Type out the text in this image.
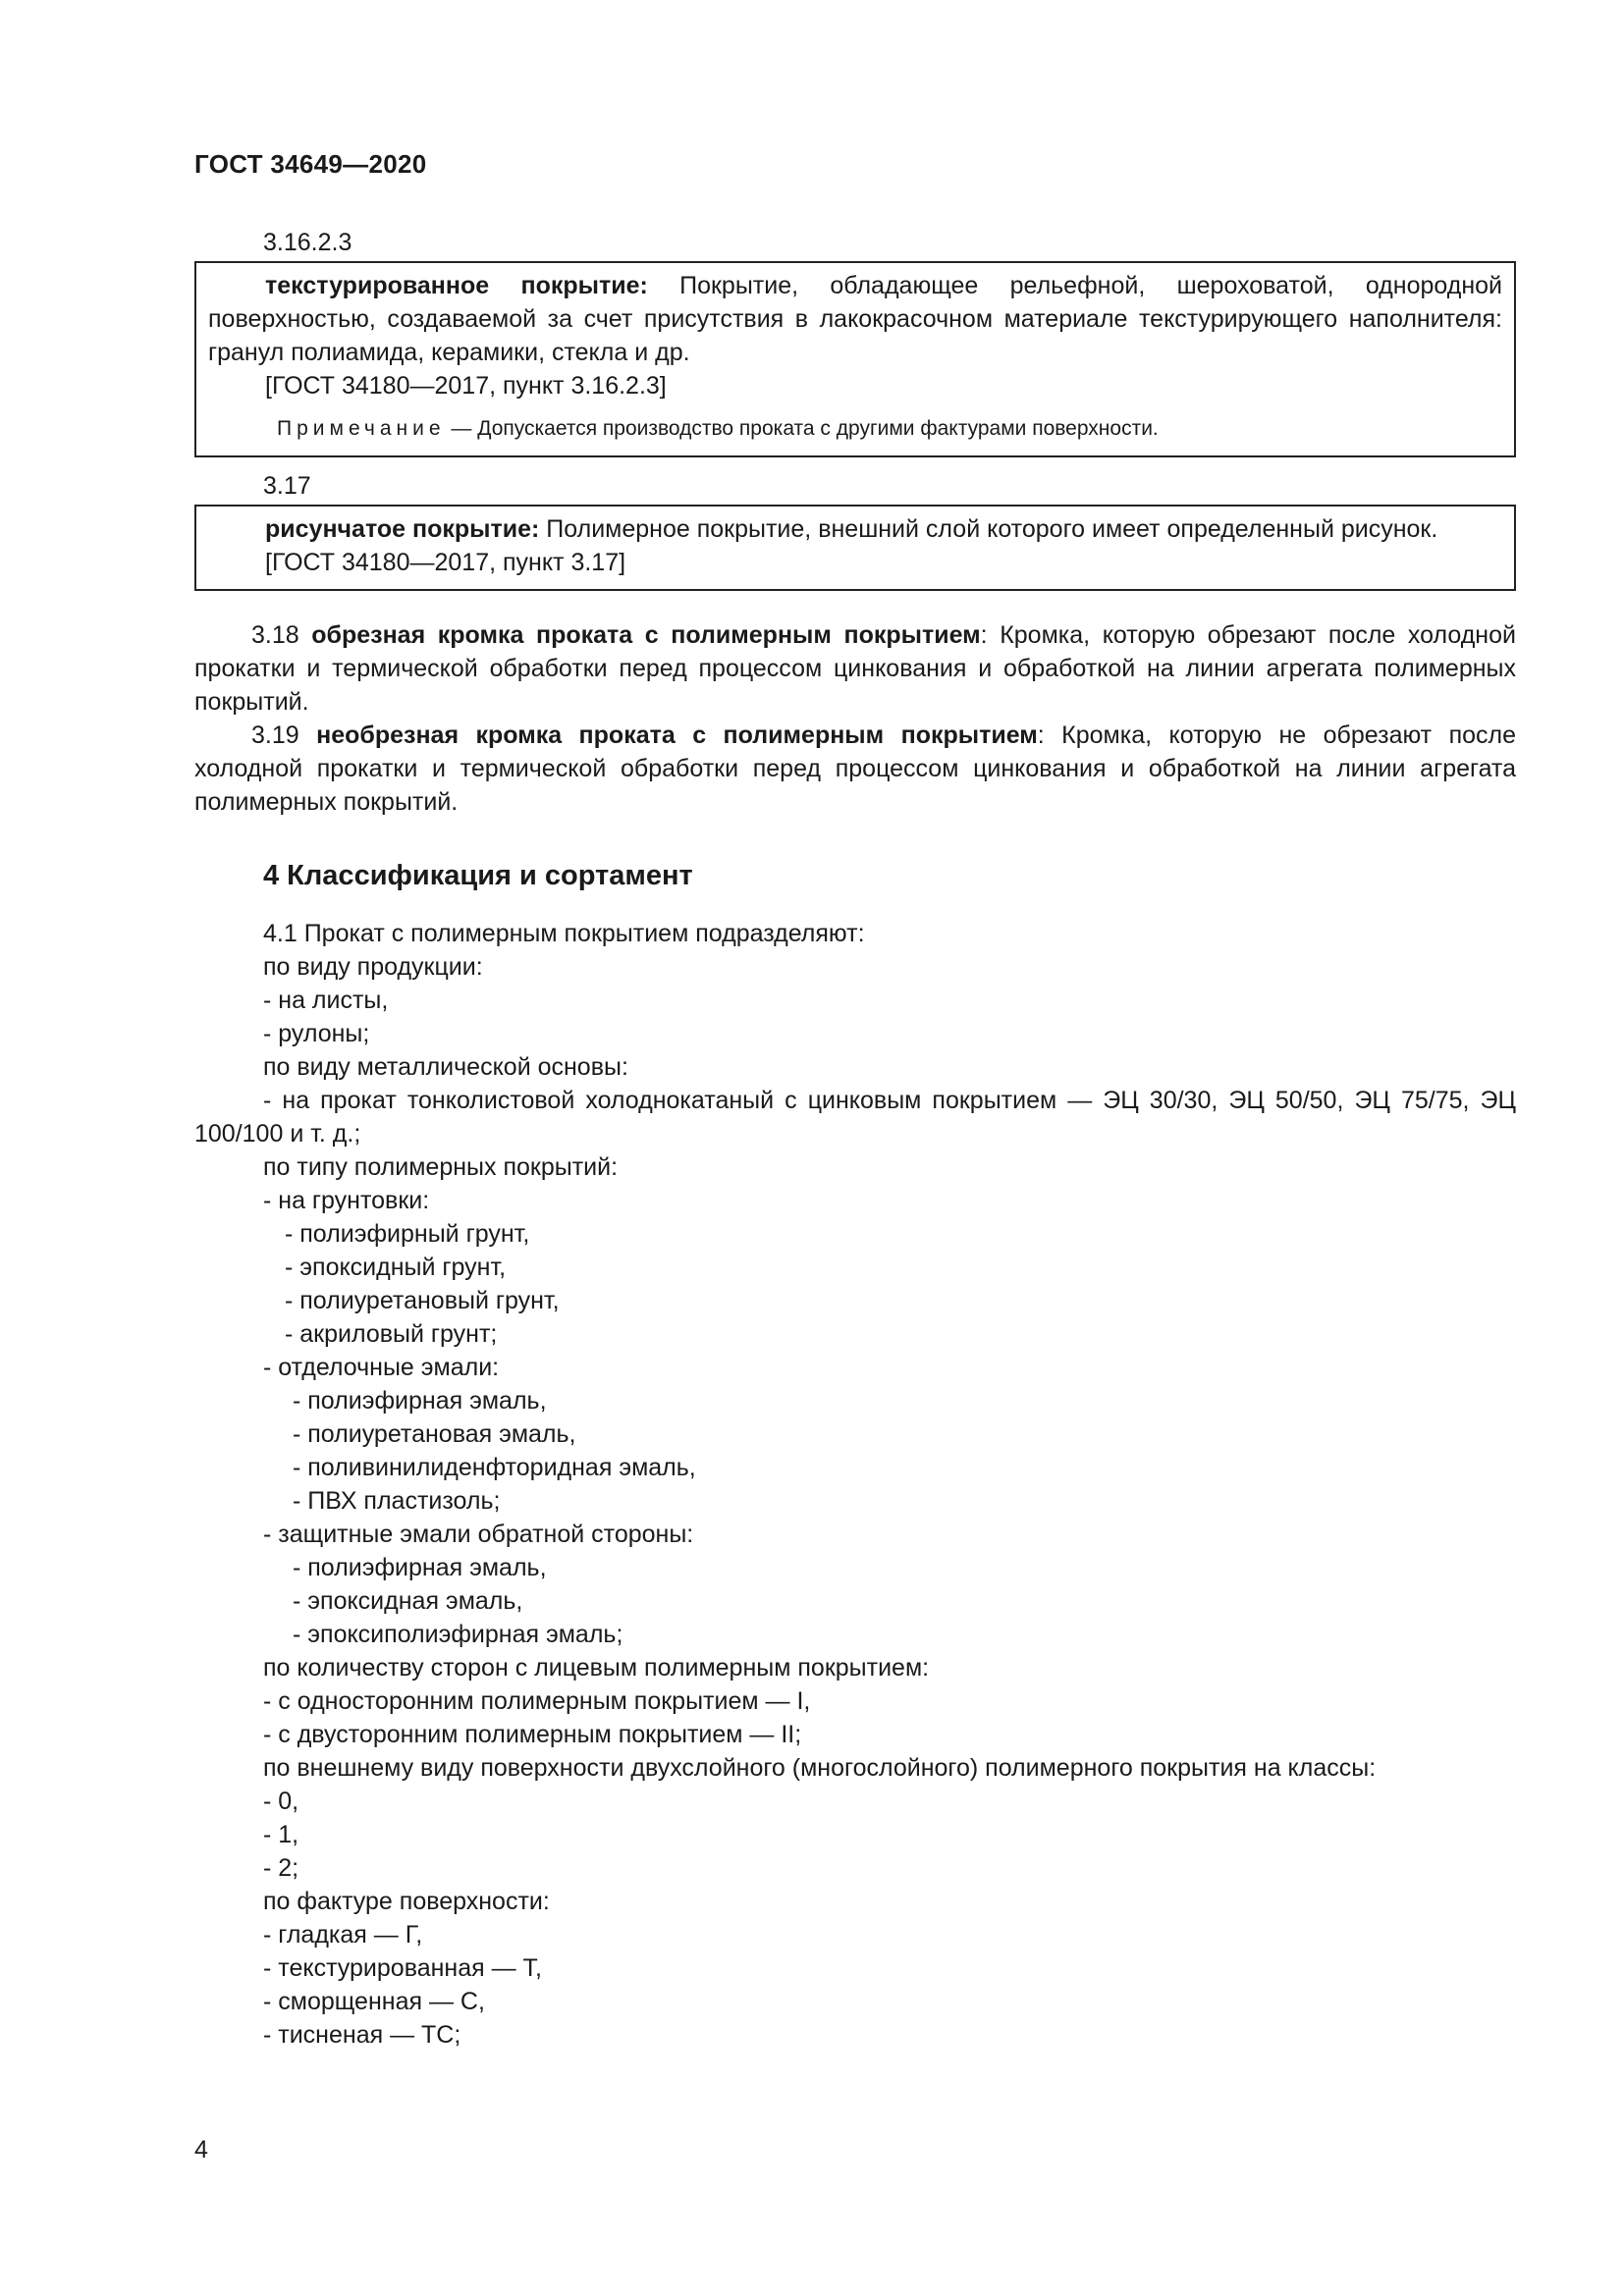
ГОСТ 34649—2020
3.16.2.3

текстурированное покрытие: Покрытие, обладающее рельефной, шероховатой, однородной поверхностью, создаваемой за счет присутствия в лакокрасочном материале текстурирующего наполнителя: гранул полиамида, керамики, стекла и др.

[ГОСТ 34180—2017, пункт 3.16.2.3]

Примечание — Допускается производство проката с другими фактурами поверхности.

3.17

рисунчатое покрытие: Полимерное покрытие, внешний слой которого имеет определенный рисунок.

[ГОСТ 34180—2017, пункт 3.17]

3.18 обрезная кромка проката с полимерным покрытием: Кромка, которую обрезают после холодной прокатки и термической обработки перед процессом цинкования и обработкой на линии агрегата полимерных покрытий.

3.19 необрезная кромка проката с полимерным покрытием: Кромка, которую не обрезают после холодной прокатки и термической обработки перед процессом цинкования и обработкой на линии агрегата полимерных покрытий.

4 Классификация и сортамент

4.1 Прокат с полимерным покрытием подразделяют:

по виду продукции:

- на листы,

- рулоны;

по виду металлической основы:

- на прокат тонколистовой холоднокатаный с цинковым покрытием — ЭЦ 30/30, ЭЦ 50/50, ЭЦ 75/75, ЭЦ 100/100 и т. д.;

по типу полимерных покрытий:

- на грунтовки:

- полиэфирный грунт,

- эпоксидный грунт,

- полиуретановый грунт,

- акриловый грунт;

- отделочные эмали:

- полиэфирная эмаль,

- полиуретановая эмаль,

- поливинилиденфторидная эмаль,

- ПВХ пластизоль;

- защитные эмали обратной стороны:

- полиэфирная эмаль,

- эпоксидная эмаль,

- эпоксиполиэфирная эмаль;

по количеству сторон с лицевым полимерным покрытием:

- с односторонним полимерным покрытием — I,

- с двусторонним полимерным покрытием — II;

по внешнему виду поверхности двухслойного (многослойного) полимерного покрытия на классы:

- 0,

- 1,

- 2;

по фактуре поверхности:

- гладкая — Г,

- текстурированная — Т,

- сморщенная — С,

- тисненая — ТС;

4
